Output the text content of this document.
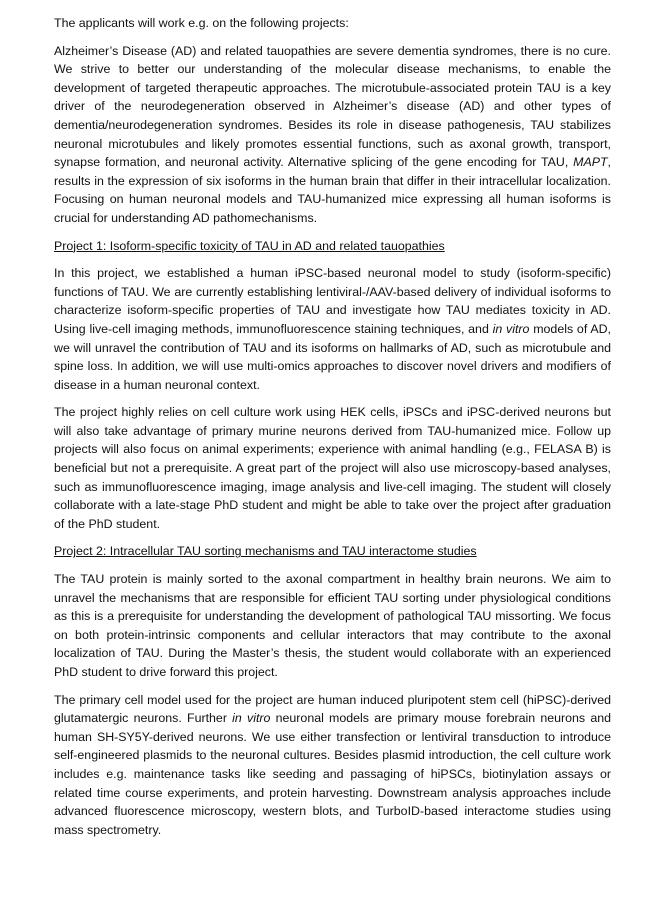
The applicants will work e.g. on the following projects:

Alzheimer’s Disease (AD) and related tauopathies are severe dementia syndromes, there is no cure. We strive to better our understanding of the molecular disease mechanisms, to enable the development of targeted therapeutic approaches. The microtubule-associated protein TAU is a key driver of the neurodegeneration observed in Alzheimer’s disease (AD) and other types of dementia/neurodegeneration syndromes. Besides its role in disease pathogenesis, TAU stabilizes neuronal microtubules and likely promotes essential functions, such as axonal growth, transport, synapse formation, and neuronal activity. Alternative splicing of the gene encoding for TAU, MAPT, results in the expression of six isoforms in the human brain that differ in their intracellular localization. Focusing on human neuronal models and TAU-humanized mice expressing all human isoforms is crucial for understanding AD pathomechanisms.

Project 1: Isoform-specific toxicity of TAU in AD and related tauopathies

In this project, we established a human iPSC-based neuronal model to study (isoform-specific) functions of TAU. We are currently establishing lentiviral-/AAV-based delivery of individual isoforms to characterize isoform-specific properties of TAU and investigate how TAU mediates toxicity in AD. Using live-cell imaging methods, immunofluorescence staining techniques, and in vitro models of AD, we will unravel the contribution of TAU and its isoforms on hallmarks of AD, such as microtubule and spine loss. In addition, we will use multi-omics approaches to discover novel drivers and modifiers of disease in a human neuronal context.

The project highly relies on cell culture work using HEK cells, iPSCs and iPSC-derived neurons but will also take advantage of primary murine neurons derived from TAU-humanized mice. Follow up projects will also focus on animal experiments; experience with animal handling (e.g., FELASA B) is beneficial but not a prerequisite. A great part of the project will also use microscopy-based analyses, such as immunofluorescence imaging, image analysis and live-cell imaging. The student will closely collaborate with a late-stage PhD student and might be able to take over the project after graduation of the PhD student.

Project 2: Intracellular TAU sorting mechanisms and TAU interactome studies

The TAU protein is mainly sorted to the axonal compartment in healthy brain neurons. We aim to unravel the mechanisms that are responsible for efficient TAU sorting under physiological conditions as this is a prerequisite for understanding the development of pathological TAU missorting. We focus on both protein-intrinsic components and cellular interactors that may contribute to the axonal localization of TAU. During the Master’s thesis, the student would collaborate with an experienced PhD student to drive forward this project.

The primary cell model used for the project are human induced pluripotent stem cell (hiPSC)-derived glutamatergic neurons. Further in vitro neuronal models are primary mouse forebrain neurons and human SH-SY5Y-derived neurons. We use either transfection or lentiviral transduction to introduce self-engineered plasmids to the neuronal cultures. Besides plasmid introduction, the cell culture work includes e.g. maintenance tasks like seeding and passaging of hiPSCs, biotinylation assays or related time course experiments, and protein harvesting. Downstream analysis approaches include advanced fluorescence microscopy, western blots, and TurboID-based interactome studies using mass spectrometry.
